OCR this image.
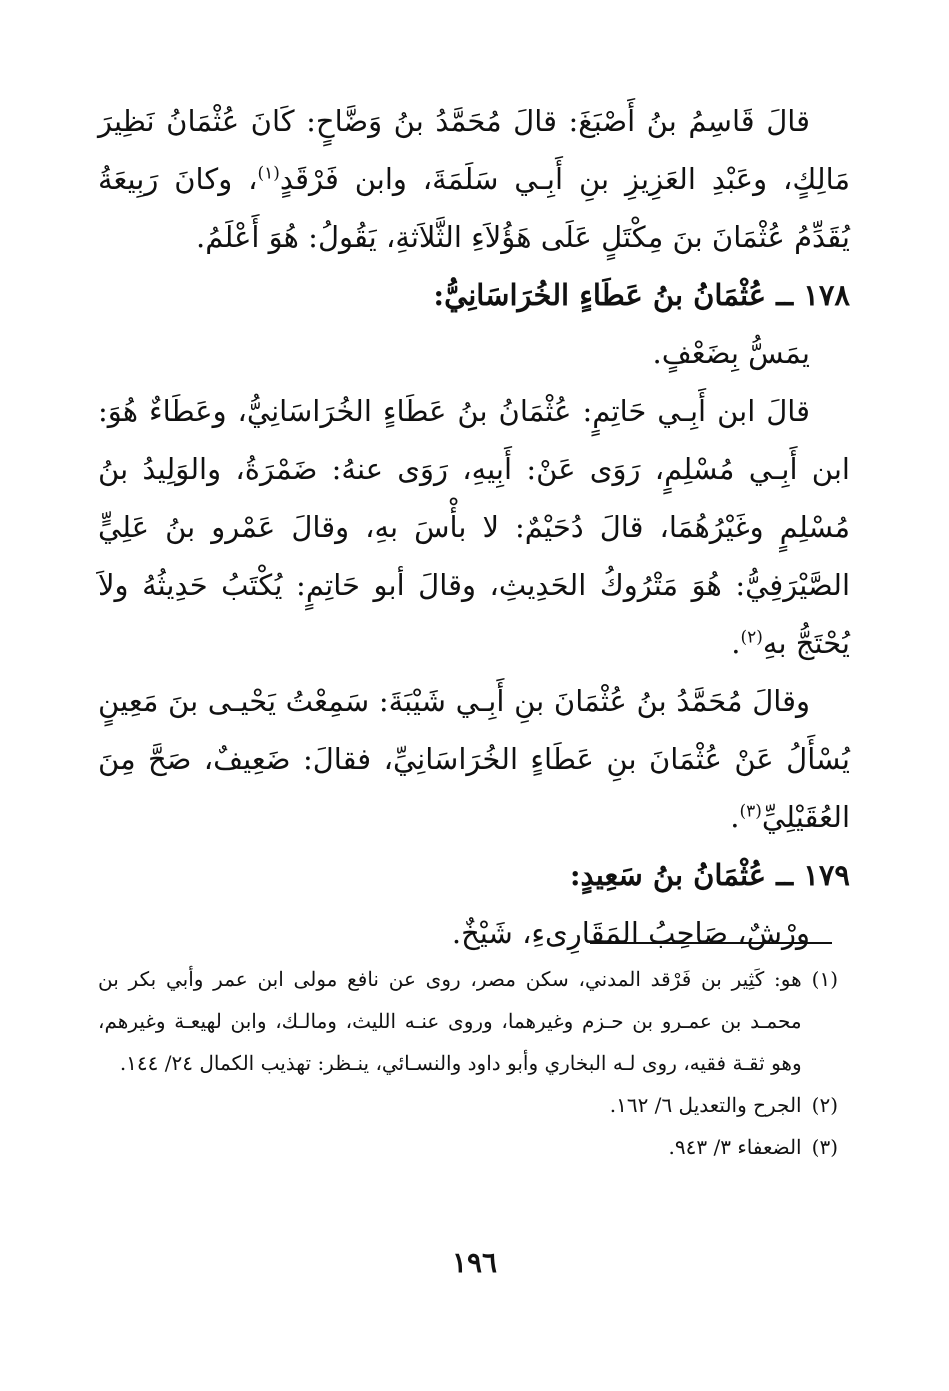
قالَ قَاسِمُ بنُ أَصْبَغَ: قالَ مُحَمَّدُ بنُ وَضَّاحٍ: كَانَ عُثْمَانُ نَظِيرَ مَالِكٍ، وعَبْدِ العَزِيزِ بنِ أَبِـي سَلَمَةَ، وابن فَرْقَدٍ$^{(١)}$، وكانَ رَبِيعَةُ يُقَدِّمُ عُثْمَانَ بنَ مِكْتَلٍ عَلَى هَؤُلاَءِ الثَّلاَثةِ، يَقُولُ: هُوَ أَعْلَمُ.

١٧٨ ــ عُثْمَانُ بنُ عَطَاءٍ الخُرَاسَانِيُّ:

يمَسُّ بِضَعْفٍ.

قالَ ابن أَبِـي حَاتِمٍ: عُثْمَانُ بنُ عَطَاءٍ الخُرَاسَانِيُّ، وعَطَاءٌ هُوَ: ابن أَبِـي مُسْلِمٍ، رَوَى عَنْ: أَبِيهِ، رَوَى عنهُ: ضَمْرَةُ، والوَلِيدُ بنُ مُسْلِمٍ وغَيْرُهُمَا، قالَ دُحَيْمٌ: لا بأْسَ بهِ، وقالَ عَمْرو بنُ عَلِيٍّ الصَّيْرَفِيُّ: هُوَ مَتْرُوكُ الحَدِيثِ، وقالَ أبو حَاتِمٍ: يُكْتَبُ حَدِيثُهُ ولاَ يُحْتَجُّ بهِ$^{(٢)}$.

وقالَ مُحَمَّدُ بنُ عُثْمَانَ بنِ أَبِـي شَيْبَةَ: سَمِعْتُ يَحْيـى بنَ مَعِينٍ يُسْأَلُ عَنْ عُثْمَانَ بنِ عَطَاءٍ الخُرَاسَانِيِّ، فقالَ: ضَعِيفٌ، صَحَّ مِنَ العُقَيْلِيِّ$^{(٣)}$.

١٧٩ ــ عُثْمَانُ بنُ سَعِيدٍ:

ورْشٌ، صَاحِبُ المَقَارِىءِ، شَيْخٌ.

(١)
هو: كَثِير بن فَرْقد المدني، سكن مصر، روى عن نافع مولى ابن عمر وأبي بكر بن محمـد بن عمـرو بن حـزم وغيرهما، وروى عنـه الليث، ومالـك، وابن لهيعـة وغيرهم، وهو ثقـة فقيه، روى لـه البخاري وأبو داود والنسـائي، ينـظر: تهذيب الكمال ٢٤/ ١٤٤.
(٢)
الجرح والتعديل ٦/ ١٦٢.
(٣)
الضعفاء ٣/ ٩٤٣.
١٩٦
